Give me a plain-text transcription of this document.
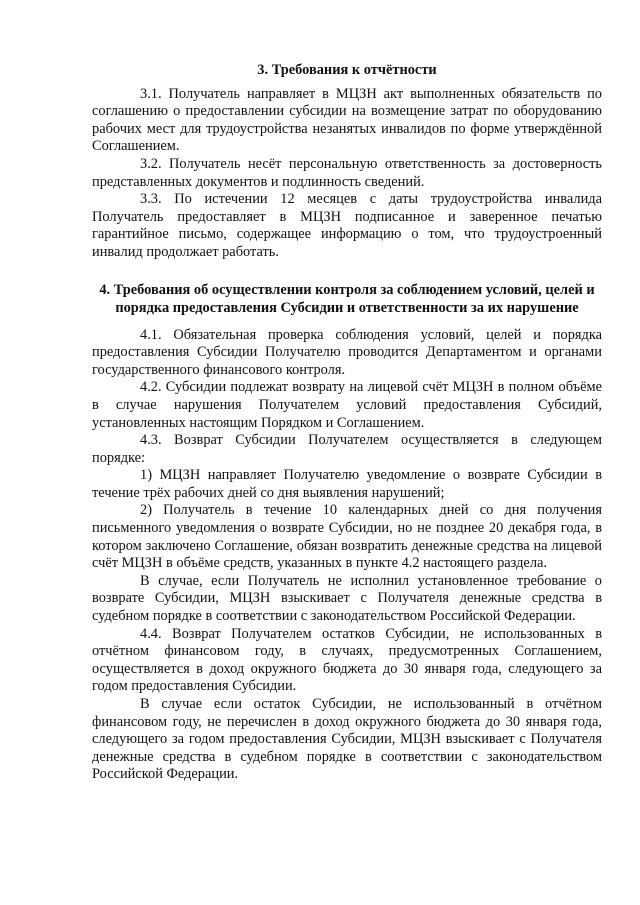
3. Требования к отчётности

3.1. Получатель направляет в МЦЗН акт выполненных обязательств по соглашению о предоставлении субсидии на возмещение затрат по оборудованию рабочих мест для трудоустройства незанятых инвалидов по форме утверждённой Соглашением.

3.2. Получатель несёт персональную ответственность за достоверность представленных документов и подлинность сведений.

3.3. По истечении 12 месяцев с даты трудоустройства инвалида Получатель предоставляет в МЦЗН подписанное и заверенное печатью гарантийное письмо, содержащее информацию о том, что трудоустроенный инвалид продолжает работать.

4. Требования об осуществлении контроля за соблюдением условий, целей и порядка предоставления Субсидии и ответственности за их нарушение

4.1. Обязательная проверка соблюдения условий, целей и порядка предоставления Субсидии Получателю проводится Департаментом и органами государственного финансового контроля.

4.2. Субсидии подлежат возврату на лицевой счёт МЦЗН в полном объёме в случае нарушения Получателем условий предоставления Субсидий, установленных настоящим Порядком и Соглашением.

4.3. Возврат Субсидии Получателем осуществляется в следующем порядке:

1) МЦЗН направляет Получателю уведомление о возврате Субсидии в течение трёх рабочих дней со дня выявления нарушений;

2) Получатель в течение 10 календарных дней со дня получения письменного уведомления о возврате Субсидии, но не позднее 20 декабря года, в котором заключено Соглашение, обязан возвратить денежные средства на лицевой счёт МЦЗН в объёме средств, указанных в пункте 4.2 настоящего раздела.

В случае, если Получатель не исполнил установленное требование о возврате Субсидии, МЦЗН взыскивает с Получателя денежные средства в судебном порядке в соответствии с законодательством Российской Федерации.

4.4. Возврат Получателем остатков Субсидии, не использованных в отчётном финансовом году, в случаях, предусмотренных Соглашением, осуществляется в доход окружного бюджета до 30 января года, следующего за годом предоставления Субсидии.

В случае если остаток Субсидии, не использованный в отчётном финансовом году, не перечислен в доход окружного бюджета до 30 января года, следующего за годом предоставления Субсидии, МЦЗН взыскивает с Получателя денежные средства в судебном порядке в соответствии с законодательством Российской Федерации.
